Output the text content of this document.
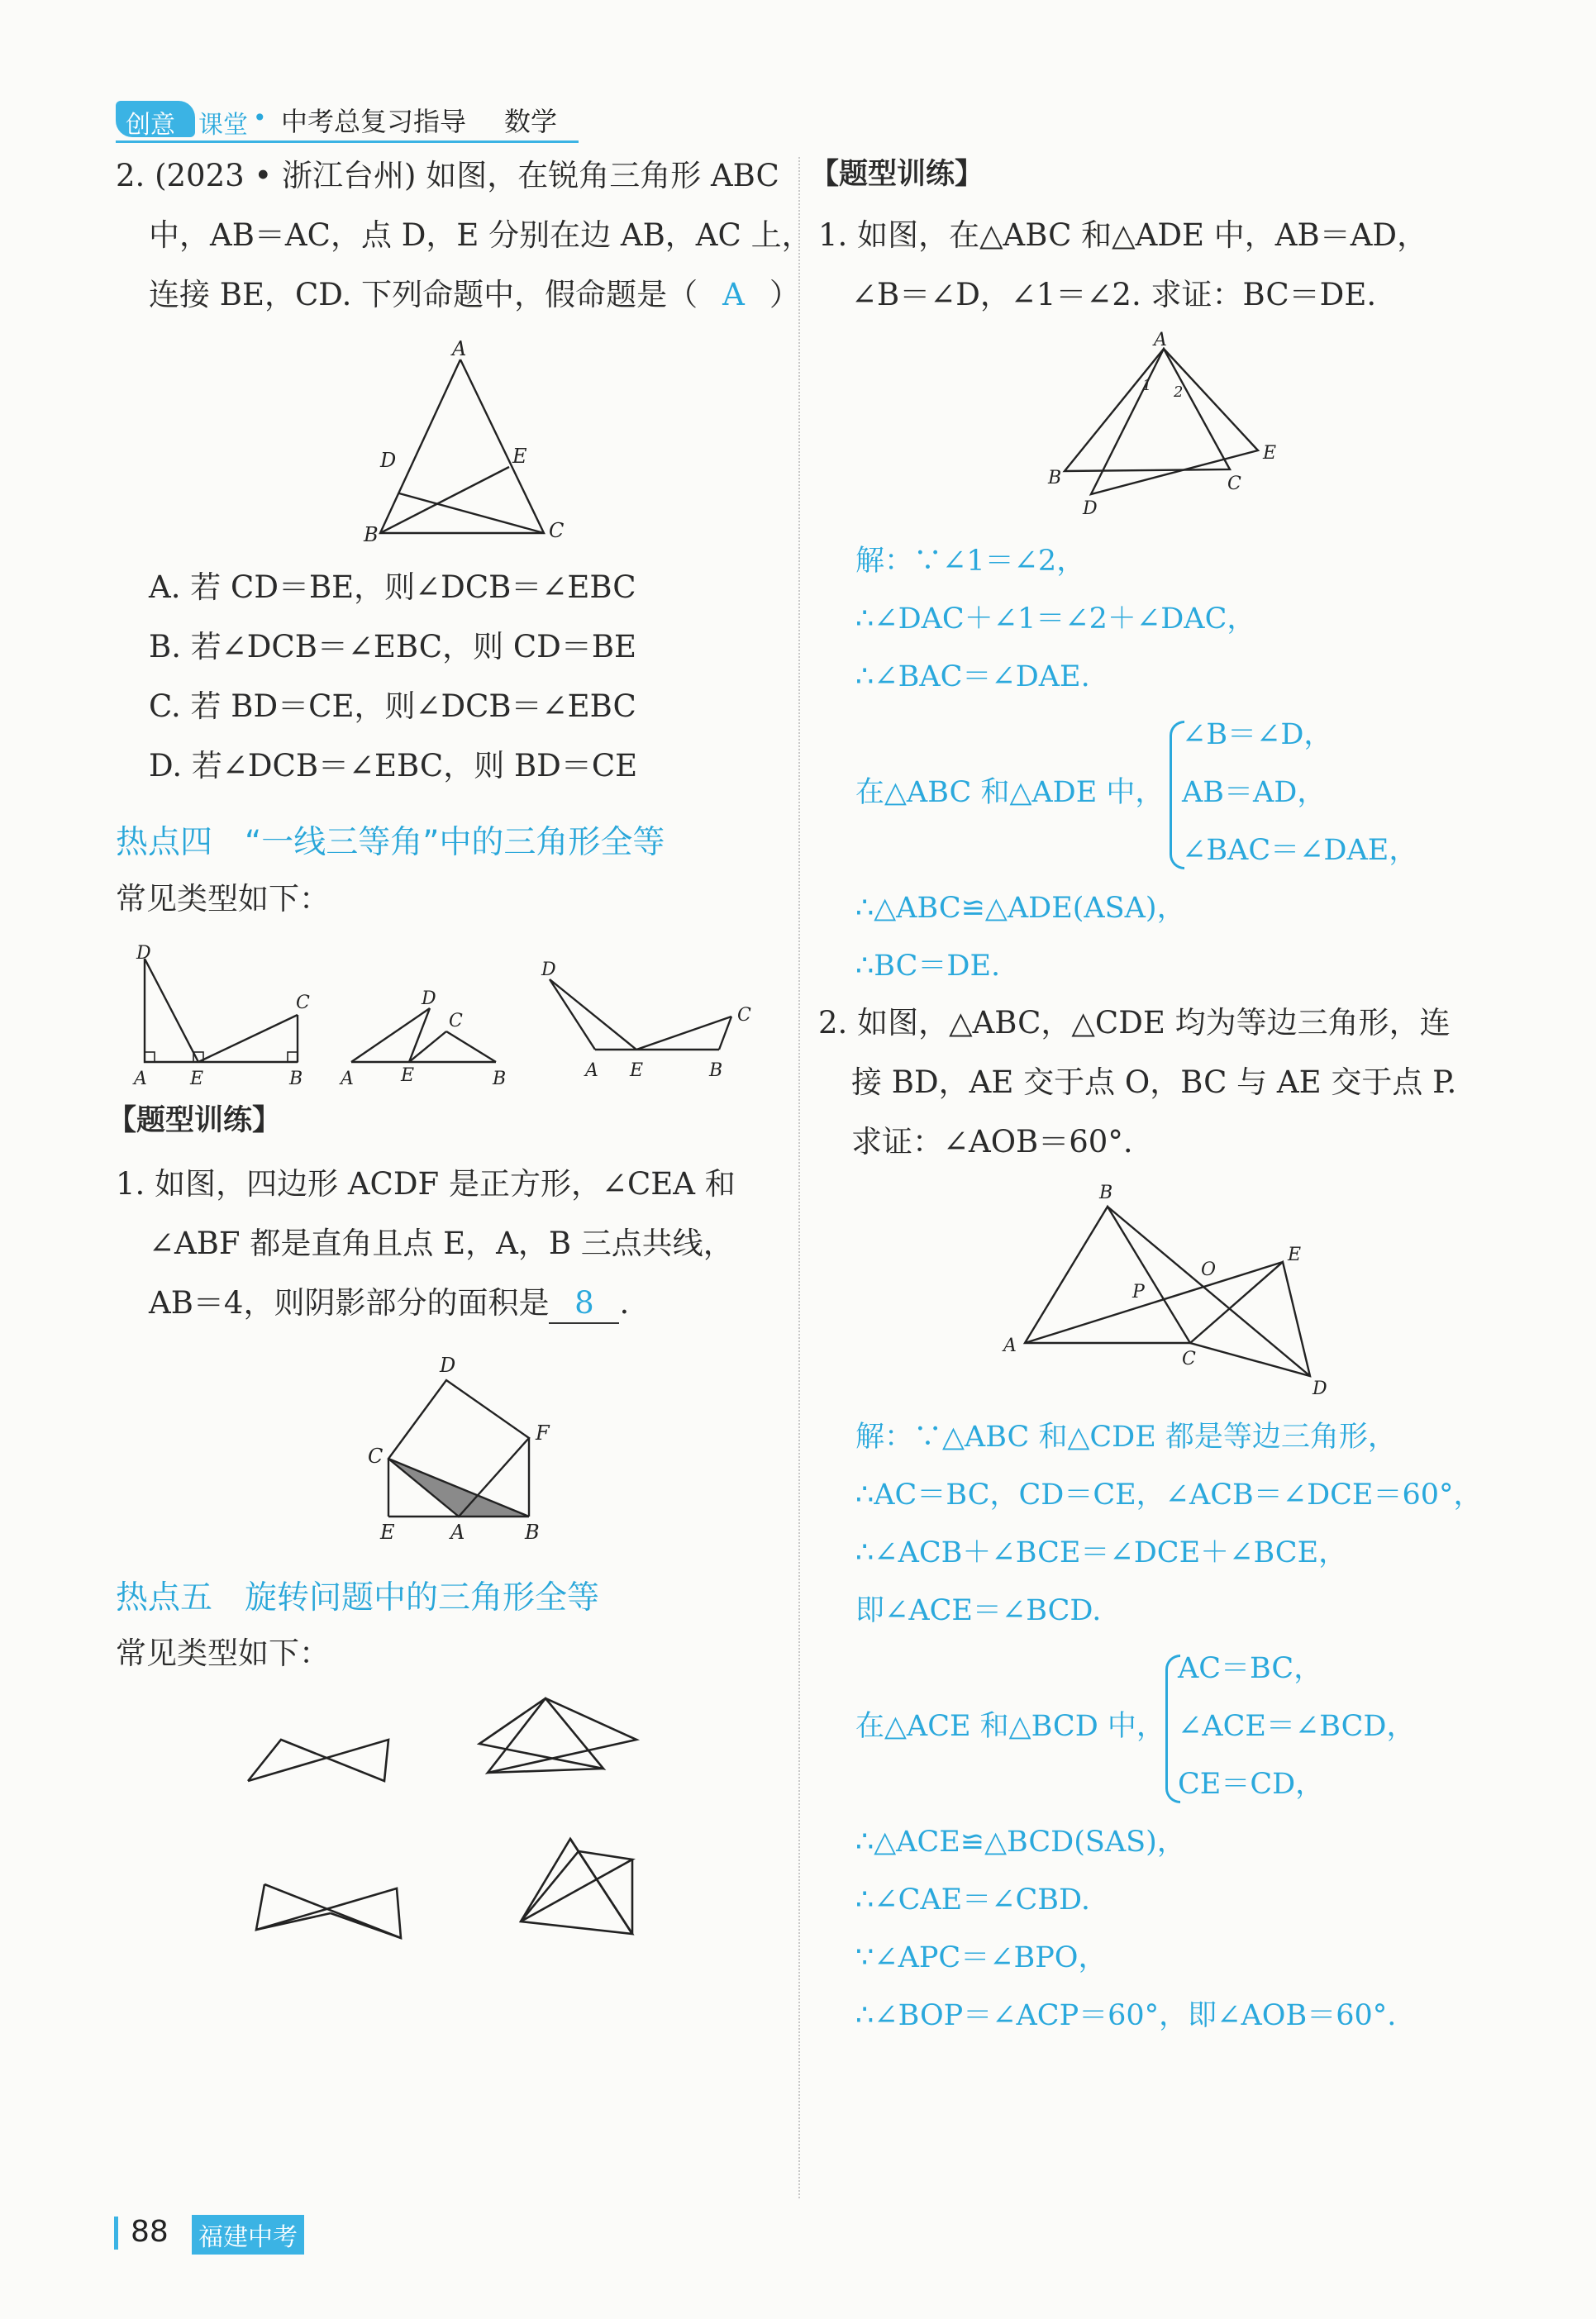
创意 课堂 • 中考总复习指导 数学
2. (2023 • 浙江台州) 如图，在锐角三角形 ABC
中，AB＝AC，点 D，E 分别在边 AB，AC 上，
连接 BE，CD. 下列命题中，假命题是（ A ）
A
D	E
B	C
A. 若 CD＝BE，则∠DCB＝∠EBC
B. 若∠DCB＝∠EBC，则 CD＝BE
C. 若 BD＝CE，则∠DCB＝∠EBC
D. 若∠DCB＝∠EBC，则 BD＝CE
热点四　“一线三等角”中的三角形全等
常见类型如下：
D
C
A E	B
D
C
A	E	B
D
C
A E	B
【题型训练】
1. 如图，四边形 ACDF 是正方形，∠CEA 和
∠ABF 都是直角且点 E，A，B 三点共线，
AB＝4，则阴影部分的面积是 8 .
D
F
C
E	A	B
热点五　旋转问题中的三角形全等
常见类型如下：
【题型训练】
1. 如图，在△ABC 和△ADE 中，AB＝AD，
∠B＝∠D，∠1＝∠2. 求证：BC＝DE.
A
1 2
B
E
C
D
解：∵∠1＝∠2，
∴∠DAC＋∠1＝∠2＋∠DAC，
∴∠BAC＝∠DAE.
在△ABC 和△ADE 中，
∠B＝∠D，
AB＝AD，
∠BAC＝∠DAE，
∴△ABC≌△ADE(ASA)，
∴BC＝DE.
2. 如图，△ABC，△CDE 均为等边三角形，连
接 BD，AE 交于点 O，BC 与 AE 交于点 P.
求证：∠AOB＝60°.
B
E
O
P
A
C
D
解：∵△ABC 和△CDE 都是等边三角形，
∴AC＝BC，CD＝CE，∠ACB＝∠DCE＝60°，
∴∠ACB＋∠BCE＝∠DCE＋∠BCE，
即∠ACE＝∠BCD.
在△ACE 和△BCD 中，
AC＝BC，
∠ACE＝∠BCD，
CE＝CD，
∴△ACE≌△BCD(SAS)，
∴∠CAE＝∠CBD.
∵∠APC＝∠BPO，
∴∠BOP＝∠ACP＝60°，即∠AOB＝60°.
88 福建中考
